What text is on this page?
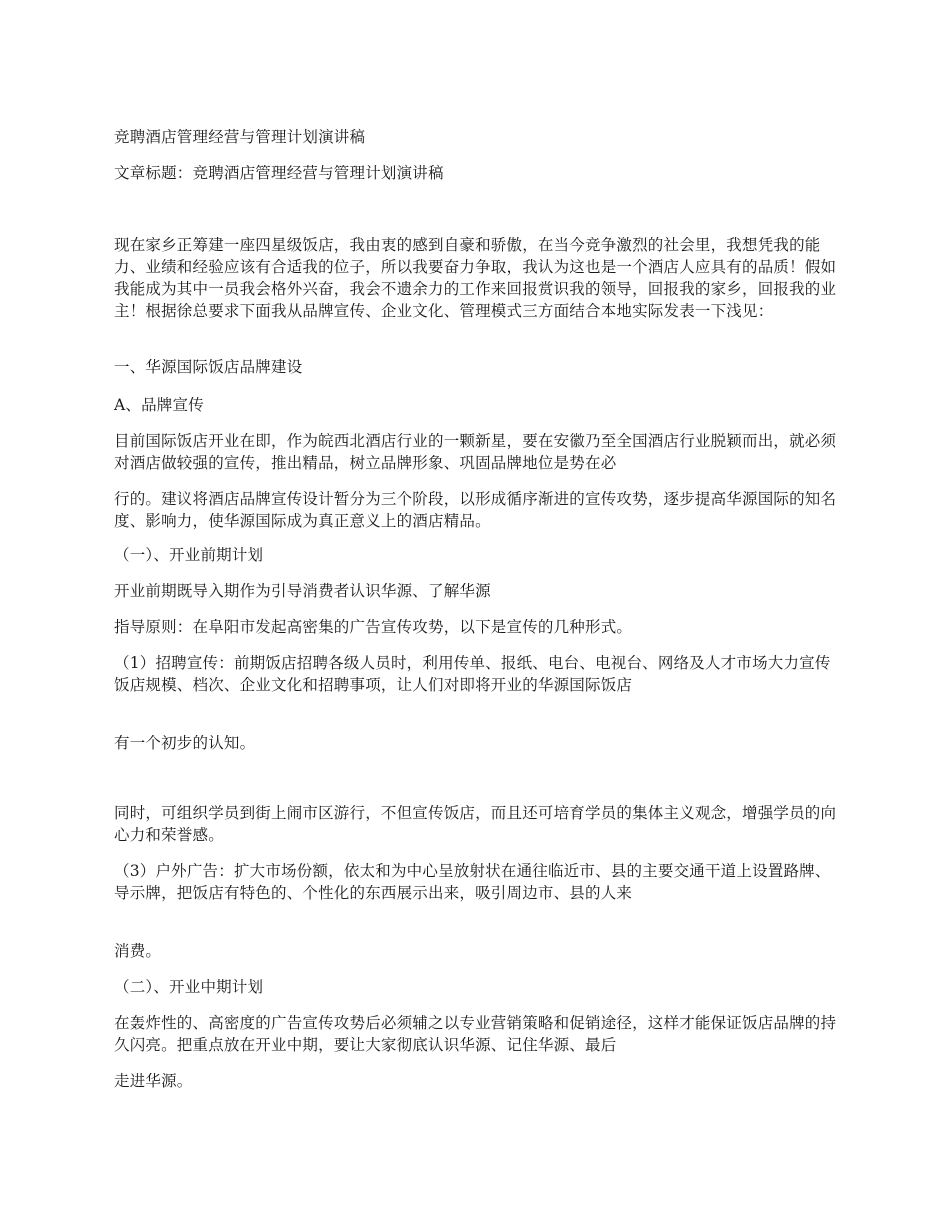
竞聘酒店管理经营与管理计划演讲稿

文章标题：竞聘酒店管理经营与管理计划演讲稿

现在家乡正筹建一座四星级饭店，我由衷的感到自豪和骄傲，在当今竞争激烈的社会里，我想凭我的能力、业绩和经验应该有合适我的位子，所以我要奋力争取，我认为这也是一个酒店人应具有的品质！假如我能成为其中一员我会格外兴奋，我会不遗余力的工作来回报赏识我的领导，回报我的家乡，回报我的业主！根据徐总要求下面我从品牌宣传、企业文化、管理模式三方面结合本地实际发表一下浅见：

一、华源国际饭店品牌建设

A、品牌宣传

目前国际饭店开业在即，作为皖西北酒店行业的一颗新星，要在安徽乃至全国酒店行业脱颖而出，就必须对酒店做较强的宣传，推出精品，树立品牌形象、巩固品牌地位是势在必

行的。建议将酒店品牌宣传设计暂分为三个阶段，以形成循序渐进的宣传攻势，逐步提高华源国际的知名度、影响力，使华源国际成为真正意义上的酒店精品。

（一）、开业前期计划

开业前期既导入期作为引导消费者认识华源、了解华源

指导原则：在阜阳市发起高密集的广告宣传攻势，以下是宣传的几种形式。

（1）招聘宣传：前期饭店招聘各级人员时，利用传单、报纸、电台、电视台、网络及人才市场大力宣传饭店规模、档次、企业文化和招聘事项，让人们对即将开业的华源国际饭店

有一个初步的认知。

同时，可组织学员到街上闹市区游行，不但宣传饭店，而且还可培育学员的集体主义观念，增强学员的向心力和荣誉感。

（3）户外广告：扩大市场份额，依太和为中心呈放射状在通往临近市、县的主要交通干道上设置路牌、导示牌，把饭店有特色的、个性化的东西展示出来，吸引周边市、县的人来

消费。

（二）、开业中期计划

在轰炸性的、高密度的广告宣传攻势后必须辅之以专业营销策略和促销途径，这样才能保证饭店品牌的持久闪亮。把重点放在开业中期，要让大家彻底认识华源、记住华源、最后

走进华源。
